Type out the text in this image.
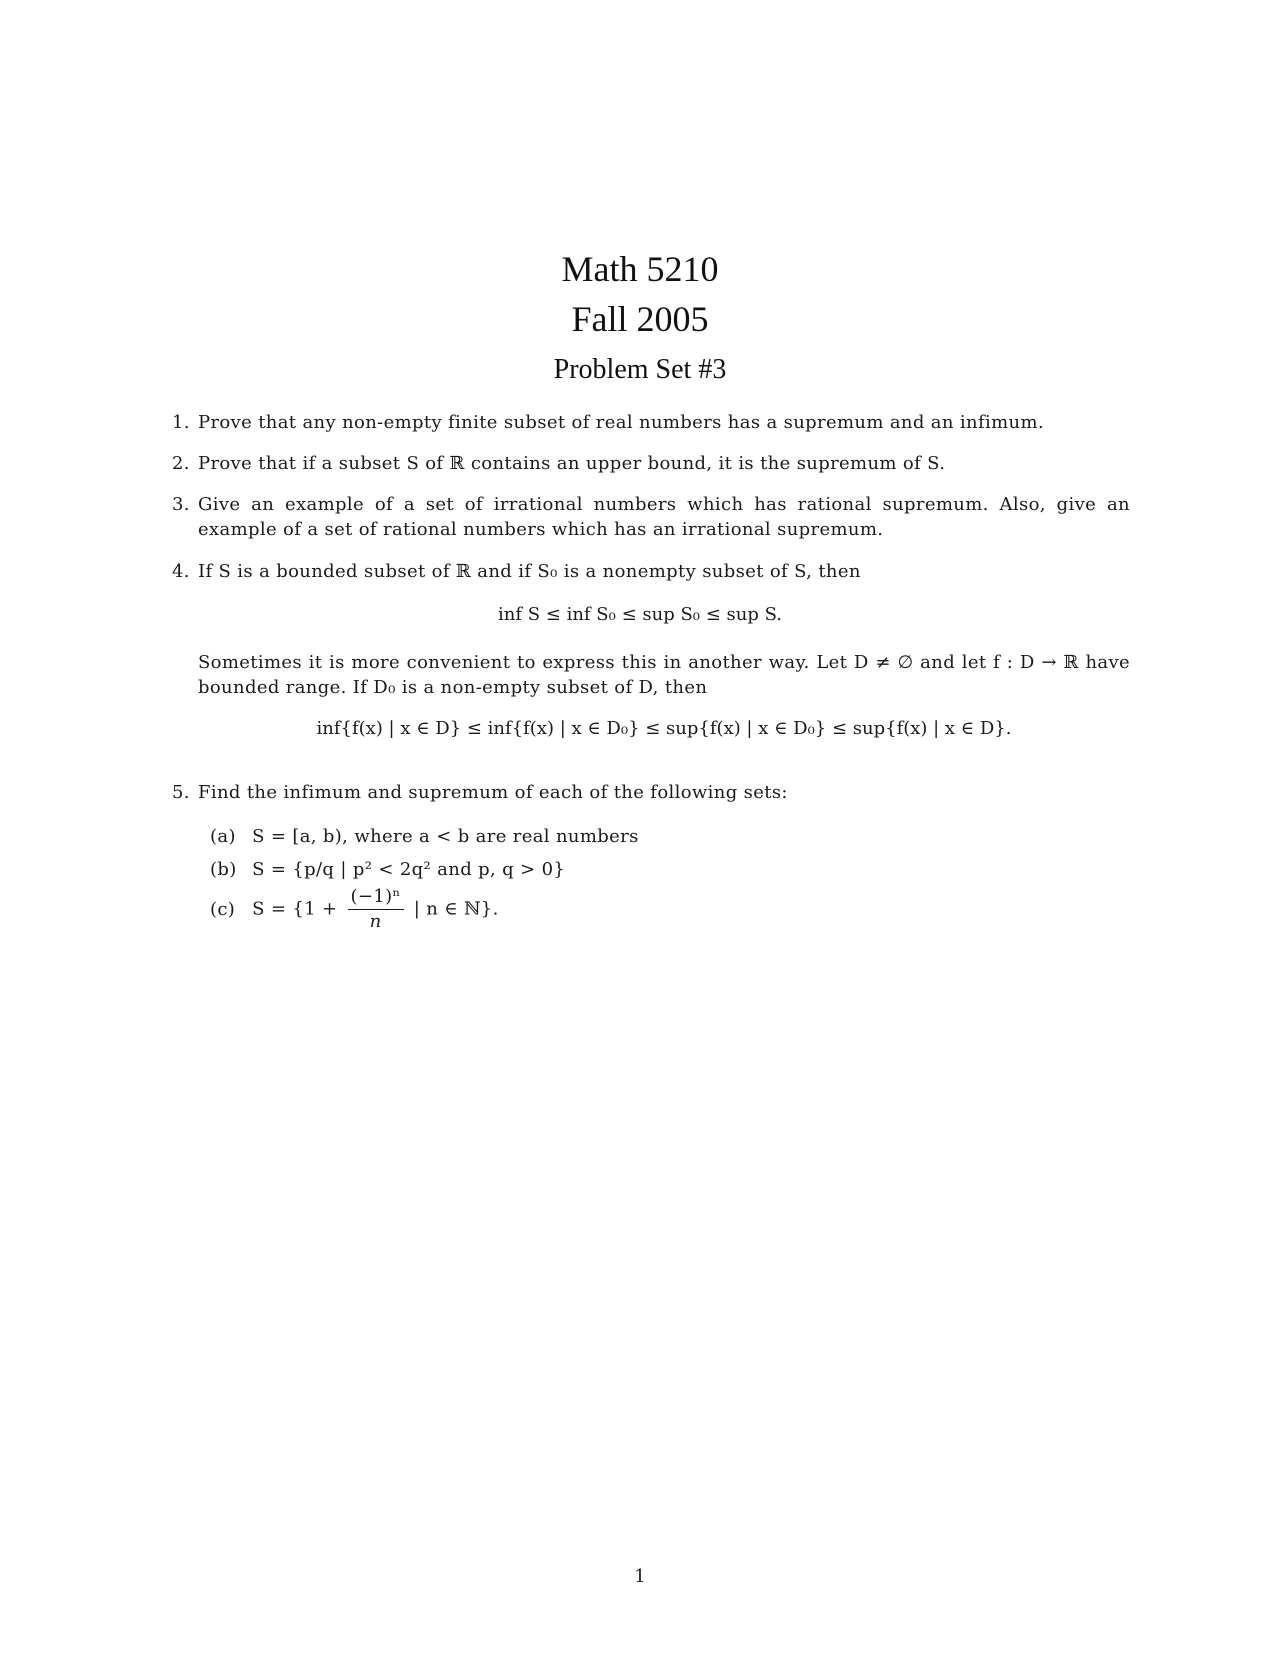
Math 5210
Fall 2005
Problem Set #3
1. Prove that any non-empty finite subset of real numbers has a supremum and an infimum.
2. Prove that if a subset S of ℝ contains an upper bound, it is the supremum of S.
3. Give an example of a set of irrational numbers which has rational supremum. Also, give an example of a set of rational numbers which has an irrational supremum.
4. If S is a bounded subset of ℝ and if S₀ is a nonempty subset of S, then
inf S ≤ inf S₀ ≤ sup S₀ ≤ sup S.
Sometimes it is more convenient to express this in another way. Let D ≠ ∅ and let f : D → ℝ have bounded range. If D₀ is a non-empty subset of D, then
inf{f(x) | x ∈ D} ≤ inf{f(x) | x ∈ D₀} ≤ sup{f(x) | x ∈ D₀} ≤ sup{f(x) | x ∈ D}.
5. Find the infimum and supremum of each of the following sets:
(a) S = [a, b), where a < b are real numbers
(b) S = {p/q | p² < 2q² and p, q > 0}
(c) $S = \{1 + \frac{\text{(−1)ⁿ}}{n}$ | n ∈ ℕ}.
1
